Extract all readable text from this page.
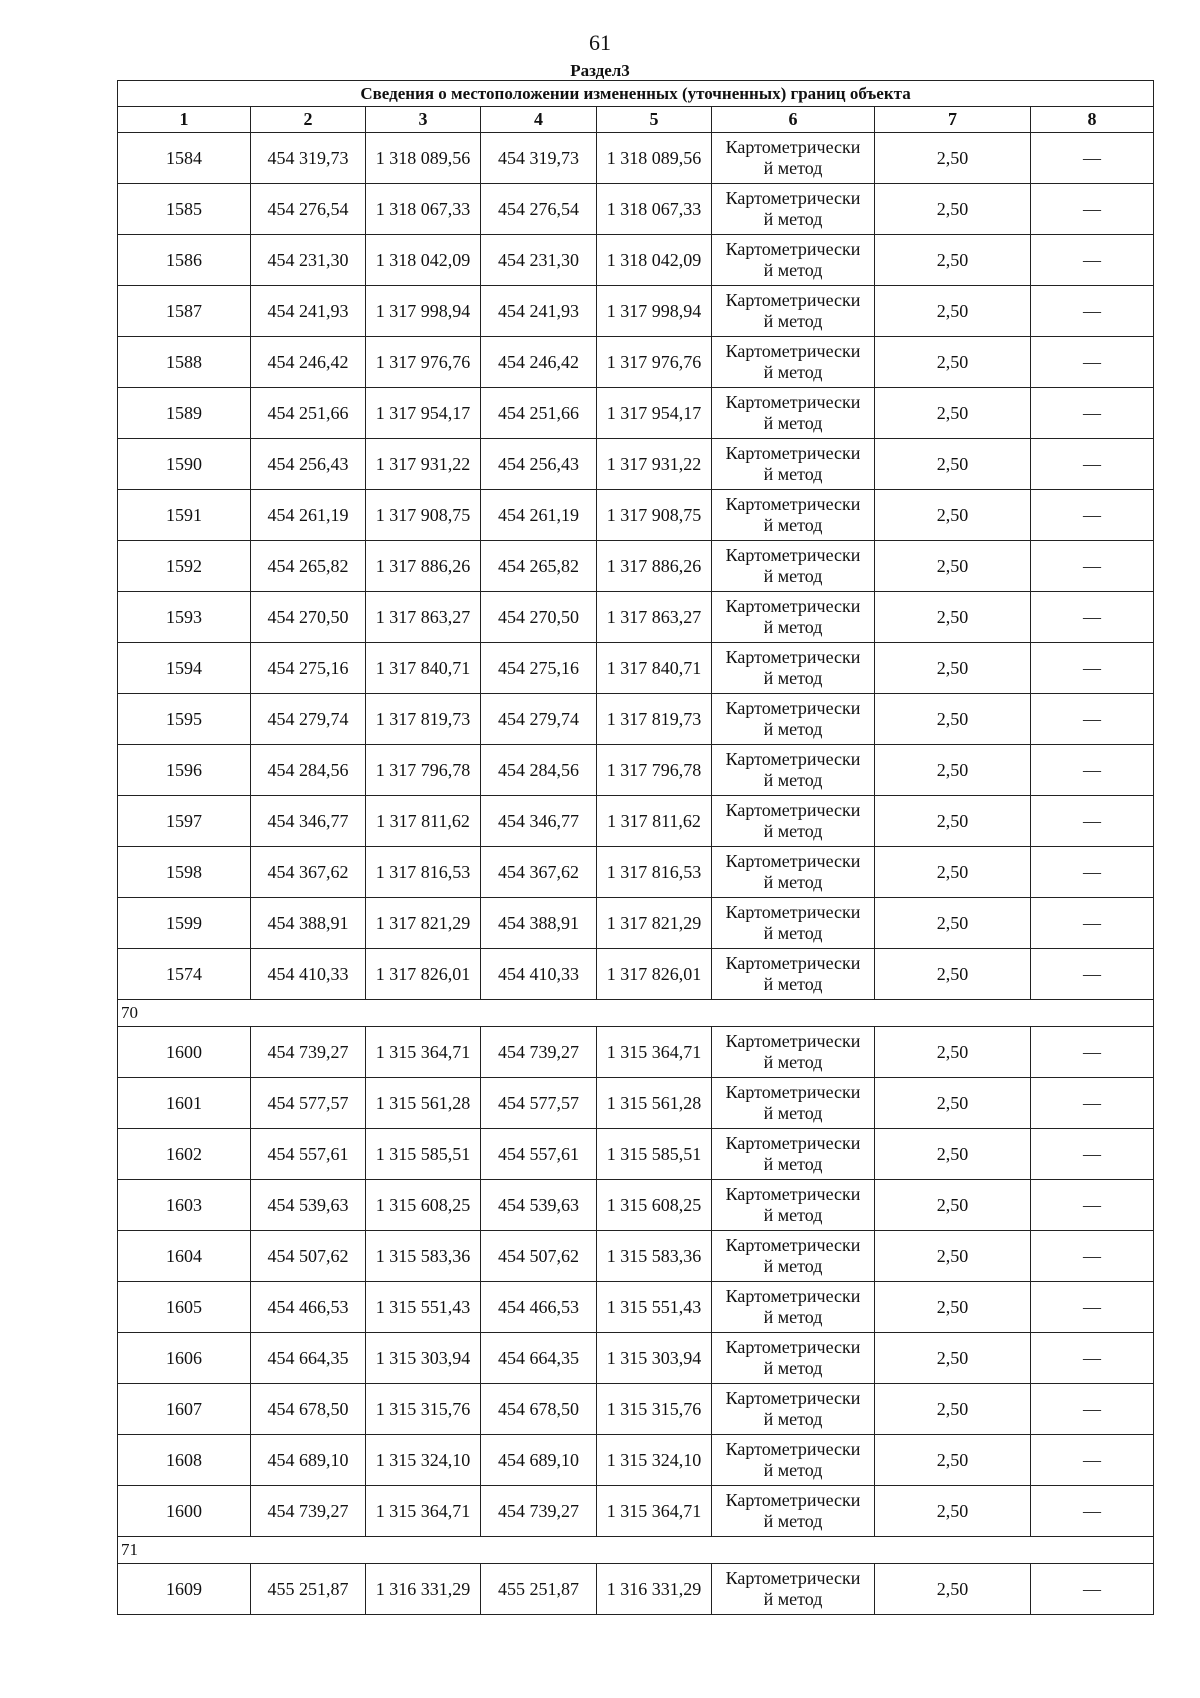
61
Раздел3
Сведения о местоположении измененных (уточненных) границ объекта							
1	2	3	4	5	6	7	8
1584	454 319,73	1 318 089,56	454 319,73	1 318 089,56	Картометрически
й метод	2,50	—
1585	454 276,54	1 318 067,33	454 276,54	1 318 067,33	Картометрически
й метод	2,50	—
1586	454 231,30	1 318 042,09	454 231,30	1 318 042,09	Картометрически
й метод	2,50	—
1587	454 241,93	1 317 998,94	454 241,93	1 317 998,94	Картометрически
й метод	2,50	—
1588	454 246,42	1 317 976,76	454 246,42	1 317 976,76	Картометрически
й метод	2,50	—
1589	454 251,66	1 317 954,17	454 251,66	1 317 954,17	Картометрически
й метод	2,50	—
1590	454 256,43	1 317 931,22	454 256,43	1 317 931,22	Картометрически
й метод	2,50	—
1591	454 261,19	1 317 908,75	454 261,19	1 317 908,75	Картометрически
й метод	2,50	—
1592	454 265,82	1 317 886,26	454 265,82	1 317 886,26	Картометрически
й метод	2,50	—
1593	454 270,50	1 317 863,27	454 270,50	1 317 863,27	Картометрически
й метод	2,50	—
1594	454 275,16	1 317 840,71	454 275,16	1 317 840,71	Картометрически
й метод	2,50	—
1595	454 279,74	1 317 819,73	454 279,74	1 317 819,73	Картометрически
й метод	2,50	—
1596	454 284,56	1 317 796,78	454 284,56	1 317 796,78	Картометрически
й метод	2,50	—
1597	454 346,77	1 317 811,62	454 346,77	1 317 811,62	Картометрически
й метод	2,50	—
1598	454 367,62	1 317 816,53	454 367,62	1 317 816,53	Картометрически
й метод	2,50	—
1599	454 388,91	1 317 821,29	454 388,91	1 317 821,29	Картометрически
й метод	2,50	—
1574	454 410,33	1 317 826,01	454 410,33	1 317 826,01	Картометрически
й метод	2,50	—
70							
1600	454 739,27	1 315 364,71	454 739,27	1 315 364,71	Картометрически
й метод	2,50	—
1601	454 577,57	1 315 561,28	454 577,57	1 315 561,28	Картометрически
й метод	2,50	—
1602	454 557,61	1 315 585,51	454 557,61	1 315 585,51	Картометрически
й метод	2,50	—
1603	454 539,63	1 315 608,25	454 539,63	1 315 608,25	Картометрически
й метод	2,50	—
1604	454 507,62	1 315 583,36	454 507,62	1 315 583,36	Картометрически
й метод	2,50	—
1605	454 466,53	1 315 551,43	454 466,53	1 315 551,43	Картометрически
й метод	2,50	—
1606	454 664,35	1 315 303,94	454 664,35	1 315 303,94	Картометрически
й метод	2,50	—
1607	454 678,50	1 315 315,76	454 678,50	1 315 315,76	Картометрически
й метод	2,50	—
1608	454 689,10	1 315 324,10	454 689,10	1 315 324,10	Картометрически
й метод	2,50	—
1600	454 739,27	1 315 364,71	454 739,27	1 315 364,71	Картометрически
й метод	2,50	—
71							
1609	455 251,87	1 316 331,29	455 251,87	1 316 331,29	Картометрически
й метод	2,50	—
